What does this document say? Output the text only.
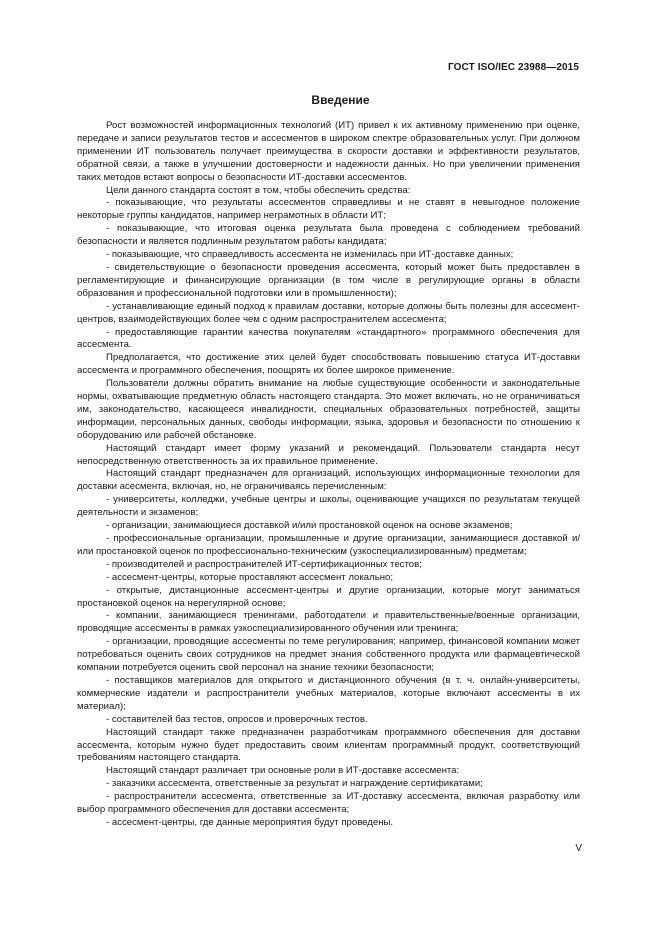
ГОСТ ISO/IEC 23988—2015
Введение

Рост возможностей информационных технологий (ИТ) привел к их активному применению при оценке, передаче и записи результатов тестов и ассесментов в широком спектре образовательных услуг. При должном применении ИТ пользователь получает преимущества в скорости доставки и эффективности результатов, обратной связи, а также в улучшении достоверности и надежности данных. Но при увеличении применения таких методов встают вопросы о безопасности ИТ-доставки ассесментов.

Цели данного стандарта состоят в том, чтобы обеспечить средства:

- показывающие, что результаты ассесментов справедливы и не ставят в невыгодное положение некоторые группы кандидатов, например неграмотных в области ИТ;

- показывающие, что итоговая оценка результата была проведена с соблюдением требований безопасности и является подлинным результатом работы кандидата;

- показывающие, что справедливость ассесмента не изменилась при ИТ-доставке данных;

- свидетельствующие о безопасности проведения ассесмента, который может быть предоставлен в регламентирующие и финансирующие организации (в том числе в регулирующие органы в области образования и профессиональной подготовки или в промышленности);

- устанавливающие единый подход к правилам доставки, которые должны быть полезны для ассесмент-центров, взаимодействующих более чем с одним распространителем ассесмента;

- предоставляющие гарантии качества покупателям «стандартного» программного обеспечения для ассесмента.

Предполагается, что достижение этих целей будет способствовать повышению статуса ИТ-доставки ассесмента и программного обеспечения, поощрять их более широкое применение.

Пользователи должны обратить внимание на любые существующие особенности и законодательные нормы, охватывающие предметную область настоящего стандарта. Это может включать, но не ограничиваться им, законодательство, касающееся инвалидности, специальных образовательных потребностей, защиты информации, персональных данных, свободы информации, языка, здоровья и безопасности по отношению к оборудованию или рабочей обстановке.

Настоящий стандарт имеет форму указаний и рекомендаций. Пользователи стандарта несут непосредственную ответственность за их правильное применение.

Настоящий стандарт предназначен для организаций, использующих информационные технологии для доставки асесмента, включая, но, не ограничиваясь перечисленным:

- университеты, колледжи, учебные центры и школы, оценивающие учащихся по результатам текущей деятельности и экзаменов;

- организации, занимающиеся доставкой и/или простановкой оценок на основе экзаменов;

- профессиональные организации, промышленные и другие организации, занимающиеся доставкой и/или простановкой оценок по профессионально-техническим (узкоспециализированным) предметам;

- производителей и распространителей ИТ-сертификационных тестов;

- ассесмент-центры, которые проставляют ассесмент локально;

- открытые, дистанционные ассесмент-центры и другие организации, которые могут заниматься простановкой оценок на нерегулярной основе;

- компании, занимающиеся тренингами, работодатели и правительственные/военные организации, проводящие ассесменты в рамках узкоспециализированного обучения или тренинга;

- организации, проводящие ассесменты по теме регулирования; например, финансовой компании может потребоваться оценить своих сотрудников на предмет знания собственного продукта или фармацевтической компании потребуется оценить свой персонал на знание техники безопасности;

- поставщиков материалов для открытого и дистанционного обучения (в т. ч. онлайн-университеты, коммерческие издатели и распространители учебных материалов, которые включают ассесменты в их материал);

- составителей баз тестов, опросов и проверочных тестов.

Настоящий стандарт также предназначен разработчикам программного обеспечения для доставки ассесмента, которым нужно будет предоставить своим клиентам программный продукт, соответствующий требованиям настоящего стандарта.

Настоящий стандарт различает три основные роли в ИТ-доставке ассесмента:

- заказчики ассесмента, ответственные за результат и награждение сертификатами;

- распространители ассесмента, ответственные за ИТ-доставку ассесмента, включая разработку или выбор программного обеспечения для доставки ассесмента;

- ассесмент-центры, где данные мероприятия будут проведены.

V
